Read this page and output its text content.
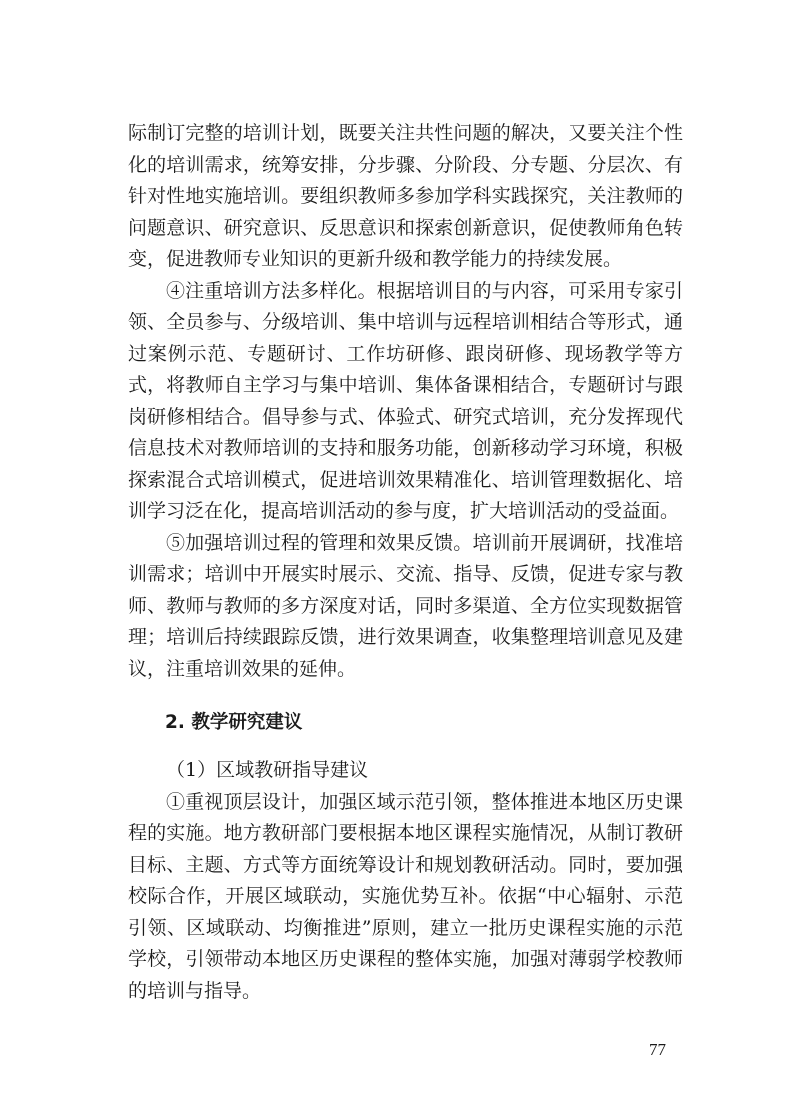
际制订完整的培训计划，既要关注共性问题的解决，又要关注个性化的培训需求，统筹安排，分步骤、分阶段、分专题、分层次、有针对性地实施培训。要组织教师多参加学科实践探究，关注教师的问题意识、研究意识、反思意识和探索创新意识，促使教师角色转变，促进教师专业知识的更新升级和教学能力的持续发展。

④注重培训方法多样化。根据培训目的与内容，可采用专家引领、全员参与、分级培训、集中培训与远程培训相结合等形式，通过案例示范、专题研讨、工作坊研修、跟岗研修、现场教学等方式，将教师自主学习与集中培训、集体备课相结合，专题研讨与跟岗研修相结合。倡导参与式、体验式、研究式培训，充分发挥现代信息技术对教师培训的支持和服务功能，创新移动学习环境，积极探索混合式培训模式，促进培训效果精准化、培训管理数据化、培训学习泛在化，提高培训活动的参与度，扩大培训活动的受益面。

⑤加强培训过程的管理和效果反馈。培训前开展调研，找准培训需求；培训中开展实时展示、交流、指导、反馈，促进专家与教师、教师与教师的多方深度对话，同时多渠道、全方位实现数据管理；培训后持续跟踪反馈，进行效果调查，收集整理培训意见及建议，注重培训效果的延伸。

2. 教学研究建议

（1）区域教研指导建议

①重视顶层设计，加强区域示范引领，整体推进本地区历史课程的实施。地方教研部门要根据本地区课程实施情况，从制订教研目标、主题、方式等方面统筹设计和规划教研活动。同时，要加强校际合作，开展区域联动，实施优势互补。依据“中心辐射、示范引领、区域联动、均衡推进”原则，建立一批历史课程实施的示范学校，引领带动本地区历史课程的整体实施，加强对薄弱学校教师的培训与指导。

77
